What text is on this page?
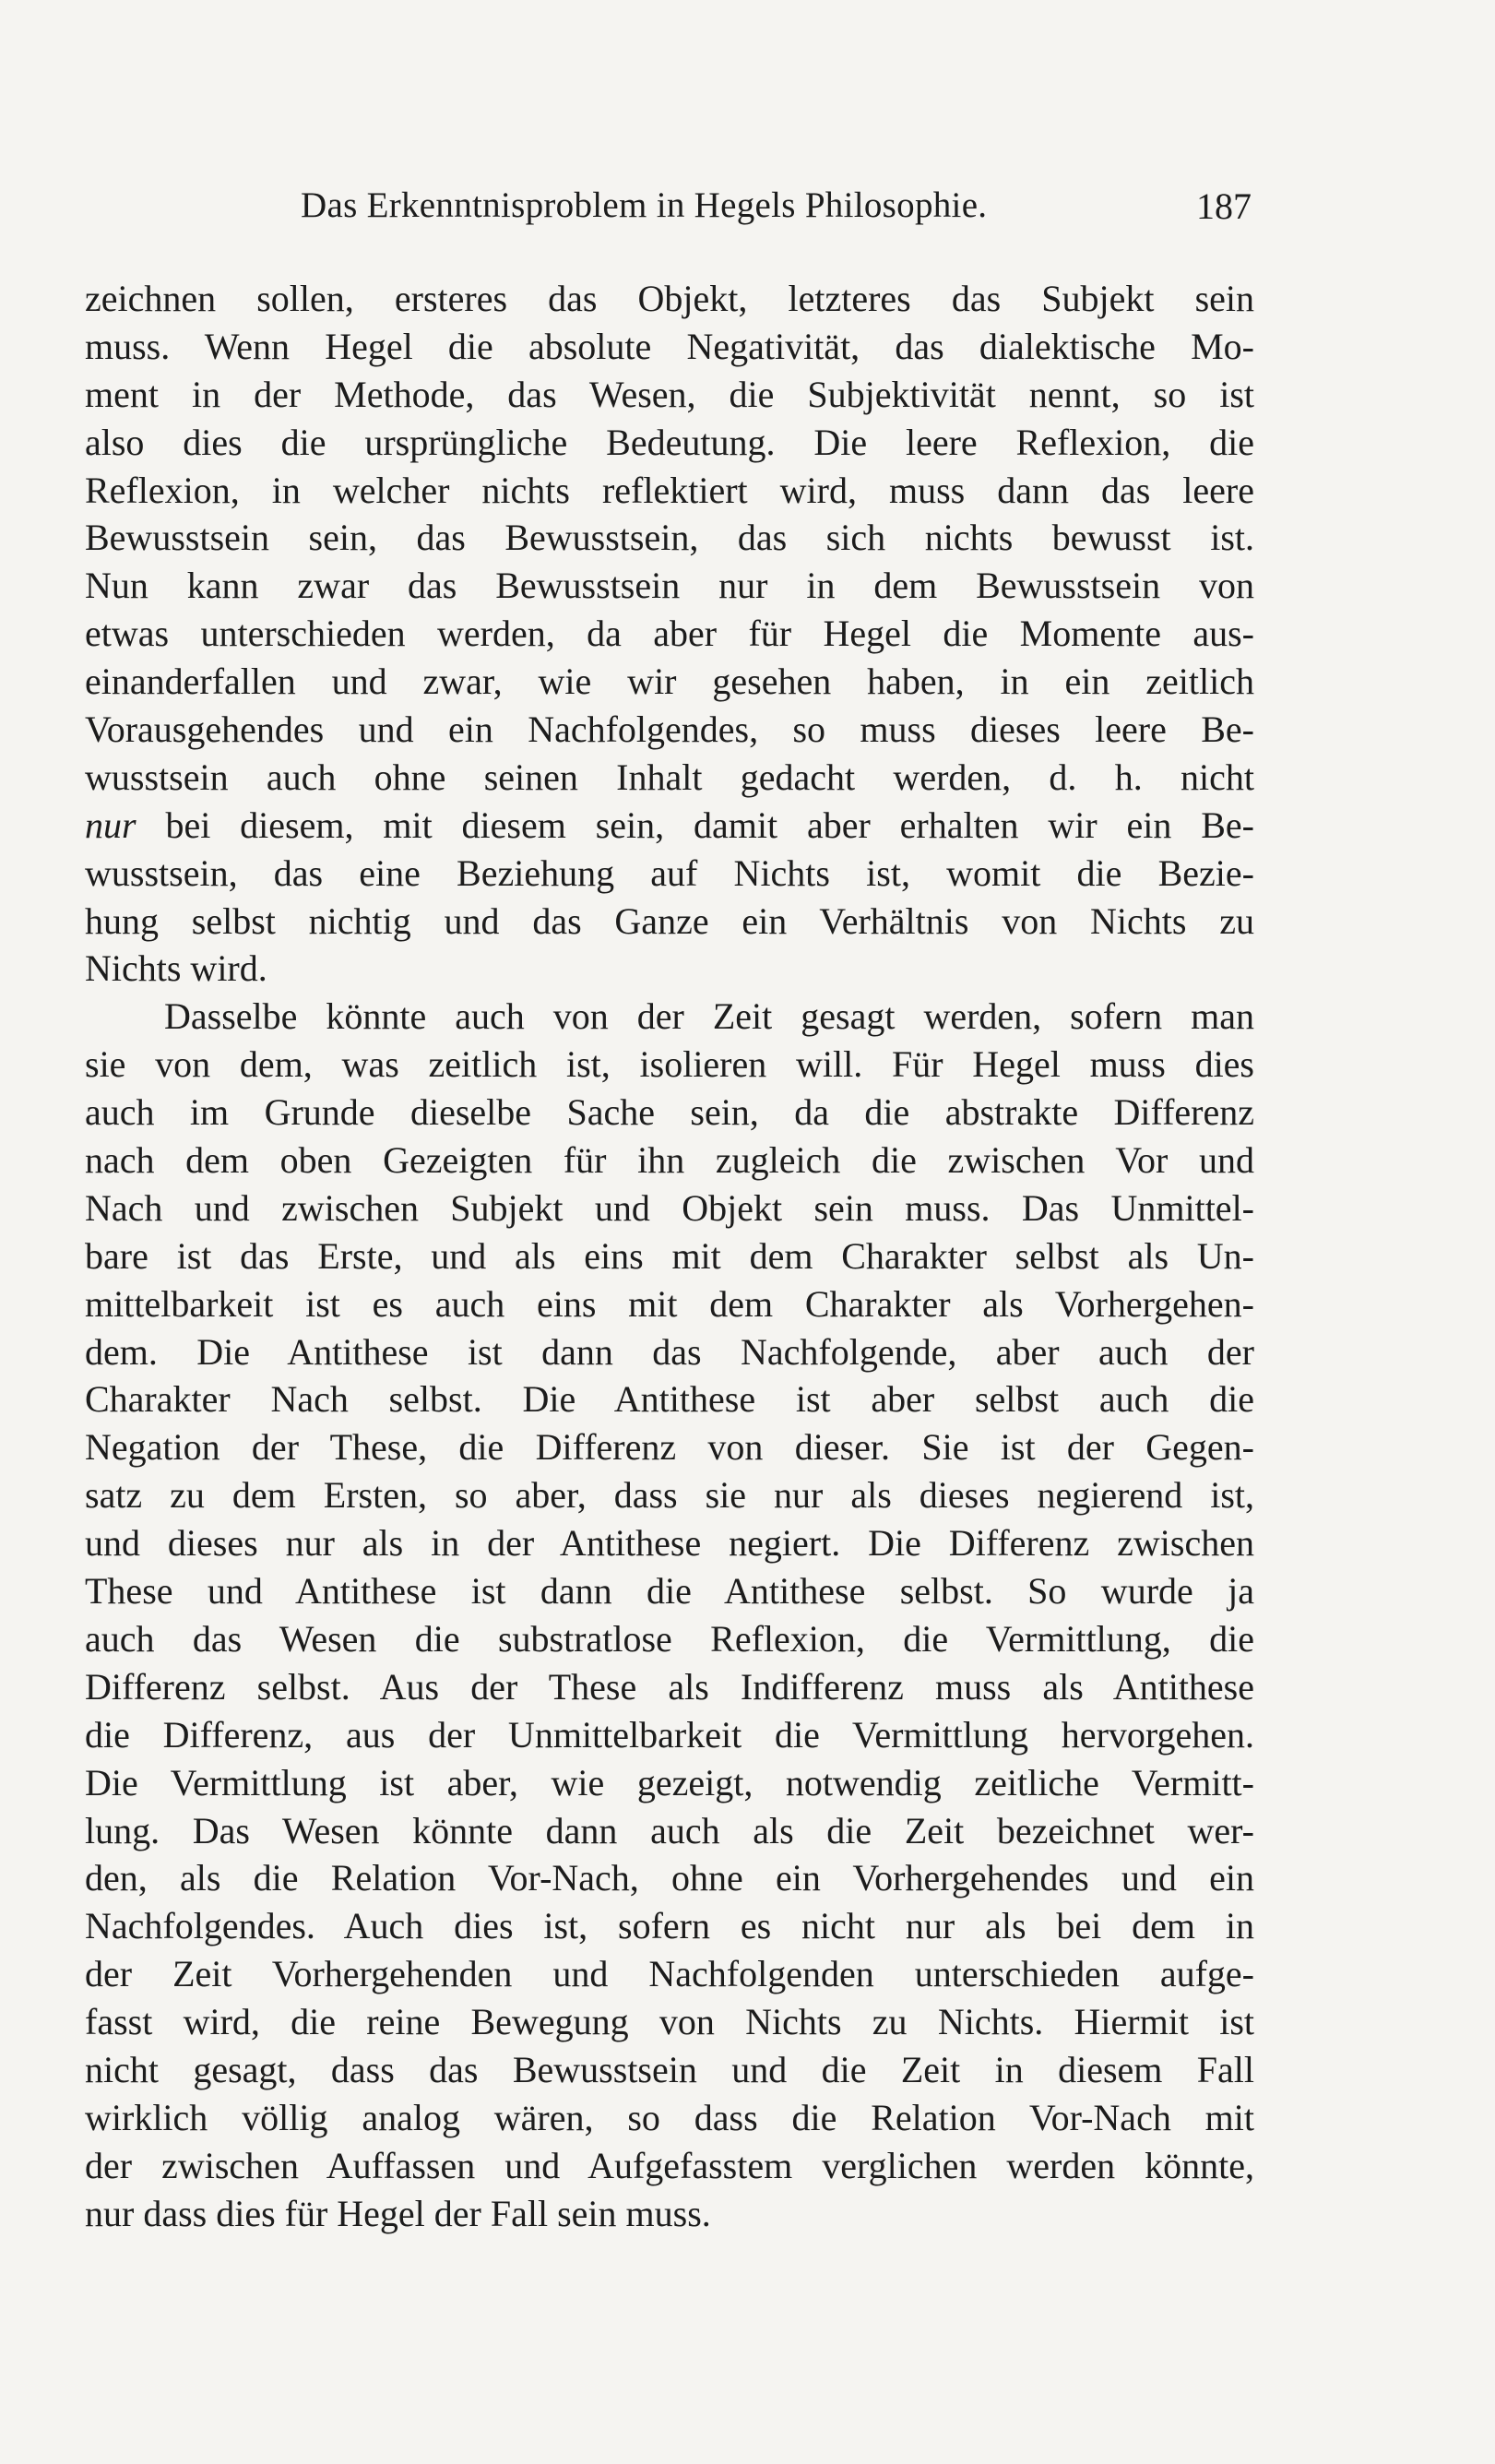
Das Erkenntnisproblem in Hegels Philosophie.	187
zeichnen sollen, ersteres das Objekt, letzteres das Subjekt sein
muss. Wenn Hegel die absolute Negativität, das dialektische Mo-
ment in der Methode, das Wesen, die Subjektivität nennt, so ist
also dies die ursprüngliche Bedeutung. Die leere Reflexion, die
Reflexion, in welcher nichts reflektiert wird, muss dann das leere
Bewusstsein sein, das Bewusstsein, das sich nichts bewusst ist.
Nun kann zwar das Bewusstsein nur in dem Bewusstsein von
etwas unterschieden werden, da aber für Hegel die Momente aus-
einanderfallen und zwar, wie wir gesehen haben, in ein zeitlich
Vorausgehendes und ein Nachfolgendes, so muss dieses leere Be-
wusstsein auch ohne seinen Inhalt gedacht werden, d. h. nicht
nur bei diesem, mit diesem sein, damit aber erhalten wir ein Be-
wusstsein, das eine Beziehung auf Nichts ist, womit die Bezie-
hung selbst nichtig und das Ganze ein Verhältnis von Nichts zu
Nichts wird.
Dasselbe könnte auch von der Zeit gesagt werden, sofern man
sie von dem, was zeitlich ist, isolieren will. Für Hegel muss dies
auch im Grunde dieselbe Sache sein, da die abstrakte Differenz
nach dem oben Gezeigten für ihn zugleich die zwischen Vor und
Nach und zwischen Subjekt und Objekt sein muss. Das Unmittel-
bare ist das Erste, und als eins mit dem Charakter selbst als Un-
mittelbarkeit ist es auch eins mit dem Charakter als Vorhergehen-
dem. Die Antithese ist dann das Nachfolgende, aber auch der
Charakter Nach selbst. Die Antithese ist aber selbst auch die
Negation der These, die Differenz von dieser. Sie ist der Gegen-
satz zu dem Ersten, so aber, dass sie nur als dieses negierend ist,
und dieses nur als in der Antithese negiert. Die Differenz zwischen
These und Antithese ist dann die Antithese selbst. So wurde ja
auch das Wesen die substratlose Reflexion, die Vermittlung, die
Differenz selbst. Aus der These als Indifferenz muss als Antithese
die Differenz, aus der Unmittelbarkeit die Vermittlung hervorgehen.
Die Vermittlung ist aber, wie gezeigt, notwendig zeitliche Vermitt-
lung. Das Wesen könnte dann auch als die Zeit bezeichnet wer-
den, als die Relation Vor-Nach, ohne ein Vorhergehendes und ein
Nachfolgendes. Auch dies ist, sofern es nicht nur als bei dem in
der Zeit Vorhergehenden und Nachfolgenden unterschieden aufge-
fasst wird, die reine Bewegung von Nichts zu Nichts. Hiermit ist
nicht gesagt, dass das Bewusstsein und die Zeit in diesem Fall
wirklich völlig analog wären, so dass die Relation Vor-Nach mit
der zwischen Auffassen und Aufgefasstem verglichen werden könnte,
nur dass dies für Hegel der Fall sein muss.
